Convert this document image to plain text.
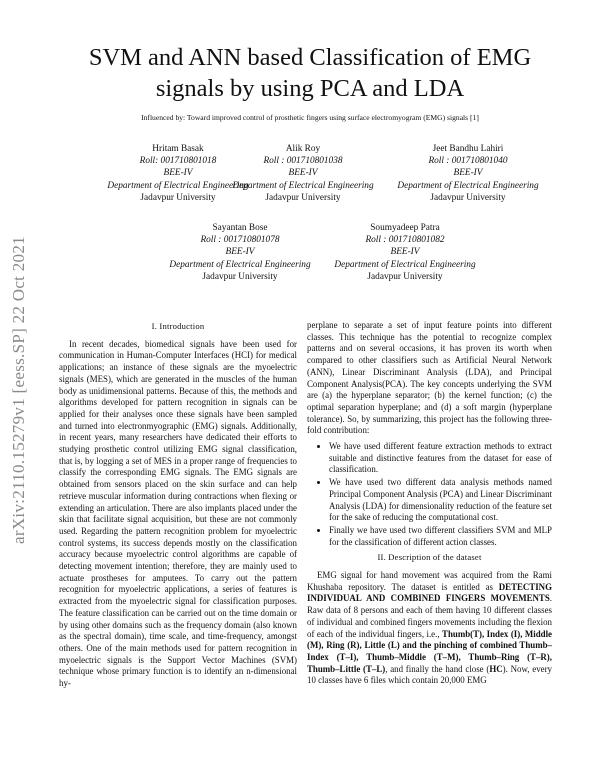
arXiv:2110.15279v1 [eess.SP] 22 Oct 2021
SVM and ANN based Classification of EMG signals by using PCA and LDA
Influenced by: Toward improved control of prosthetic fingers using surface electromyogram (EMG) signals [1]
Hritam Basak
Roll: 001710801018
BEE-IV
Department of Electrical Engineering
Jadavpur University
Alik Roy
Roll : 001710801038
BEE-IV
Department of Electrical Engineering
Jadavpur University
Jeet Bandhu Lahiri
Roll : 001710801040
BEE-IV
Department of Electrical Engineering
Jadavpur University
Sayantan Bose
Roll : 001710801078
BEE-IV
Department of Electrical Engineering
Jadavpur University
Soumyadeep Patra
Roll : 001710801082
BEE-IV
Department of Electrical Engineering
Jadavpur University
I. Introduction

In recent decades, biomedical signals have been used for communication in Human-Computer Interfaces (HCI) for medical applications; an instance of these signals are the myoelectric signals (MES), which are generated in the muscles of the human body as unidimensional patterns. Because of this, the methods and algorithms developed for pattern recognition in signals can be applied for their analyses once these signals have been sampled and turned into electronmyographic (EMG) signals. Additionally, in recent years, many researchers have dedicated their efforts to studying prosthetic control utilizing EMG signal classification, that is, by logging a set of MES in a proper range of frequencies to classify the corresponding EMG signals. The EMG signals are obtained from sensors placed on the skin surface and can help retrieve muscular information during contractions when flexing or extending an articulation. There are also implants placed under the skin that facilitate signal acquisition, but these are not commonly used. Regarding the pattern recognition problem for myoelectric control systems, its success depends mostly on the classification accuracy because myoelectric control algorithms are capable of detecting movement intention; therefore, they are mainly used to actuate prostheses for amputees. To carry out the pattern recognition for myoelectric applications, a series of features is extracted from the myoelectric signal for classification purposes. The feature classification can be carried out on the time domain or by using other domains such as the frequency domain (also known as the spectral domain), time scale, and time-frequency, amongst others. One of the main methods used for pattern recognition in myoelectric signals is the Support Vector Machines (SVM) technique whose primary function is to identify an n-dimensional hy-

perplane to separate a set of input feature points into different classes. This technique has the potential to recognize complex patterns and on several occasions, it has proven its worth when compared to other classifiers such as Artificial Neural Network (ANN), Linear Discriminant Analysis (LDA), and Principal Component Analysis(PCA). The key concepts underlying the SVM are (a) the hyperplane separator; (b) the kernel function; (c) the optimal separation hyperplane; and (d) a soft margin (hyperplane tolerance). So, by summarizing, this project has the following three-fold contribution:

• We have used different feature extraction methods to extract suitable and distinctive features from the dataset for ease of classification.
• We have used two different data analysis methods named Principal Component Analysis (PCA) and Linear Discriminant Analysis (LDA) for dimensionality reduction of the feature set for the sake of reducing the computational cost.
• Finally we have used two different classifiers SVM and MLP for the classification of different action classes.
II. Description of the dataset

EMG signal for hand movement was acquired from the Rami Khushaba repository. The dataset is entitled as DETECTING INDIVIDUAL AND COMBINED FINGERS MOVEMENTS. Raw data of 8 persons and each of them having 10 different classes of individual and combined fingers movements including the flexion of each of the individual fingers, i.e., Thumb(T), Index (I), Middle (M), Ring (R), Little (L) and the pinching of combined Thumb–Index (T–I), Thumb–Middle (T–M), Thumb–Ring (T–R), Thumb–Little (T–L), and finally the hand close (HC). Now, every 10 classes have 6 files which contain 20,000 EMG
